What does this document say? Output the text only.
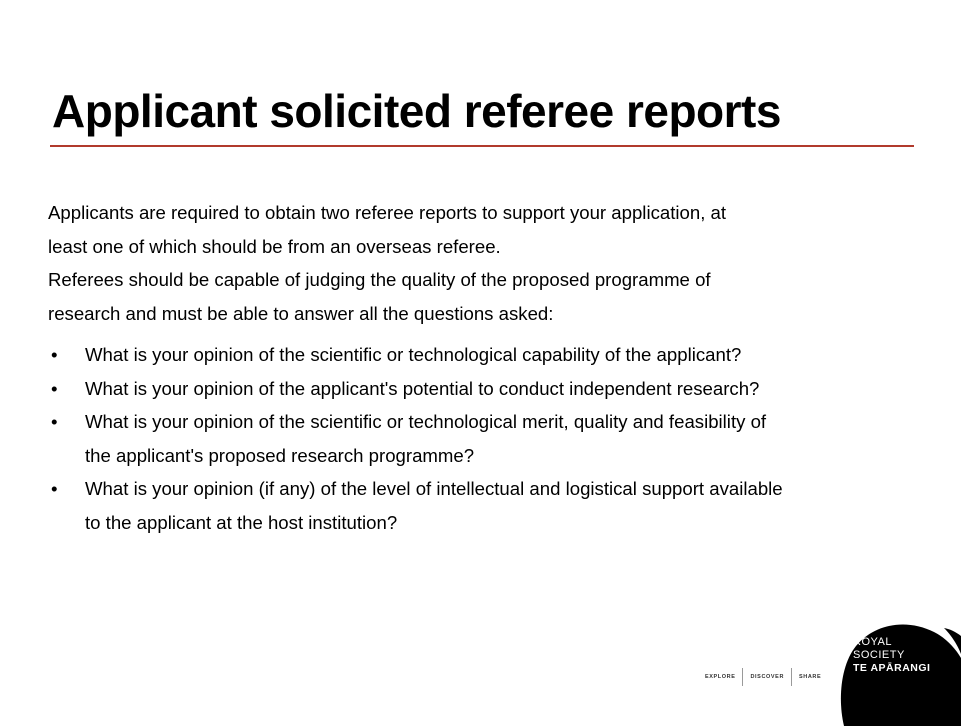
Applicant solicited referee reports

Applicants are required to obtain two referee reports to support your application, at

least one of which should be from an overseas referee.

Referees should be capable of judging the quality of the proposed programme of

research and must be able to answer all the questions asked:

• What is your opinion of the scientific or technological capability of the applicant?
• What is your opinion of the applicant's potential to conduct independent research?
• What is your opinion of the scientific or technological merit, quality and feasibility of
the applicant's proposed research programme?
• What is your opinion (if any) of the level of intellectual and logistical support available
to the applicant at the host institution?
EXPLORE	DISCOVER	SHARE
ROYAL
SOCIETY
TE APĀRANGI
